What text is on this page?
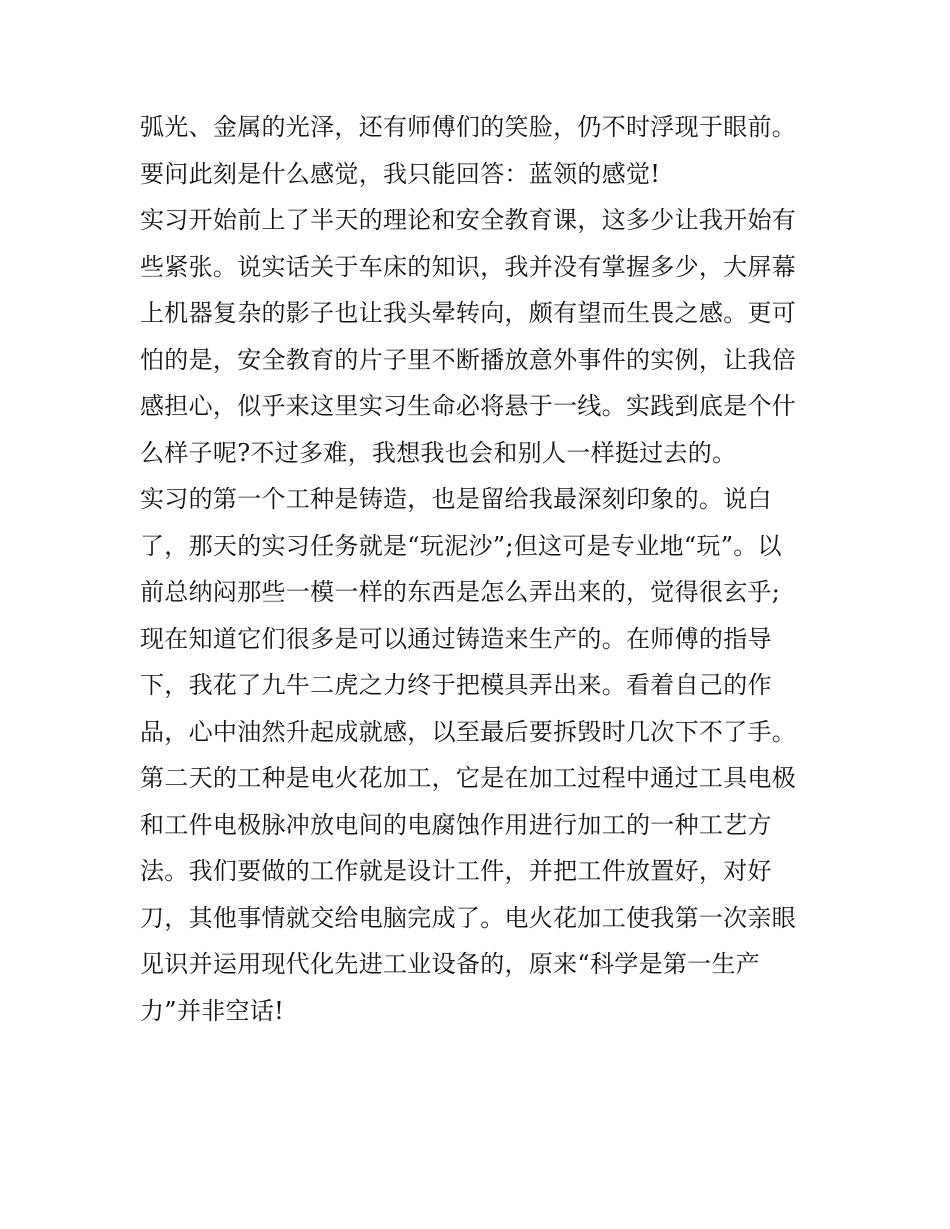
弧光、金属的光泽，还有师傅们的笑脸，仍不时浮现于眼前。
要问此刻是什么感觉，我只能回答：蓝领的感觉!
实习开始前上了半天的理论和安全教育课，这多少让我开始有
些紧张。说实话关于车床的知识，我并没有掌握多少，大屏幕
上机器复杂的影子也让我头晕转向，颇有望而生畏之感。更可
怕的是，安全教育的片子里不断播放意外事件的实例，让我倍
感担心，似乎来这里实习生命必将悬于一线。实践到底是个什
么样子呢?不过多难，我想我也会和别人一样挺过去的。
实习的第一个工种是铸造，也是留给我最深刻印象的。说白
了，那天的实习任务就是“玩泥沙”;但这可是专业地“玩”。以
前总纳闷那些一模一样的东西是怎么弄出来的，觉得很玄乎;
现在知道它们很多是可以通过铸造来生产的。在师傅的指导
下，我花了九牛二虎之力终于把模具弄出来。看着自己的作
品，心中油然升起成就感，以至最后要拆毁时几次下不了手。
第二天的工种是电火花加工，它是在加工过程中通过工具电极
和工件电极脉冲放电间的电腐蚀作用进行加工的一种工艺方
法。我们要做的工作就是设计工件，并把工件放置好，对好
刀，其他事情就交给电脑完成了。电火花加工使我第一次亲眼
见识并运用现代化先进工业设备的，原来“科学是第一生产
力”并非空话!
